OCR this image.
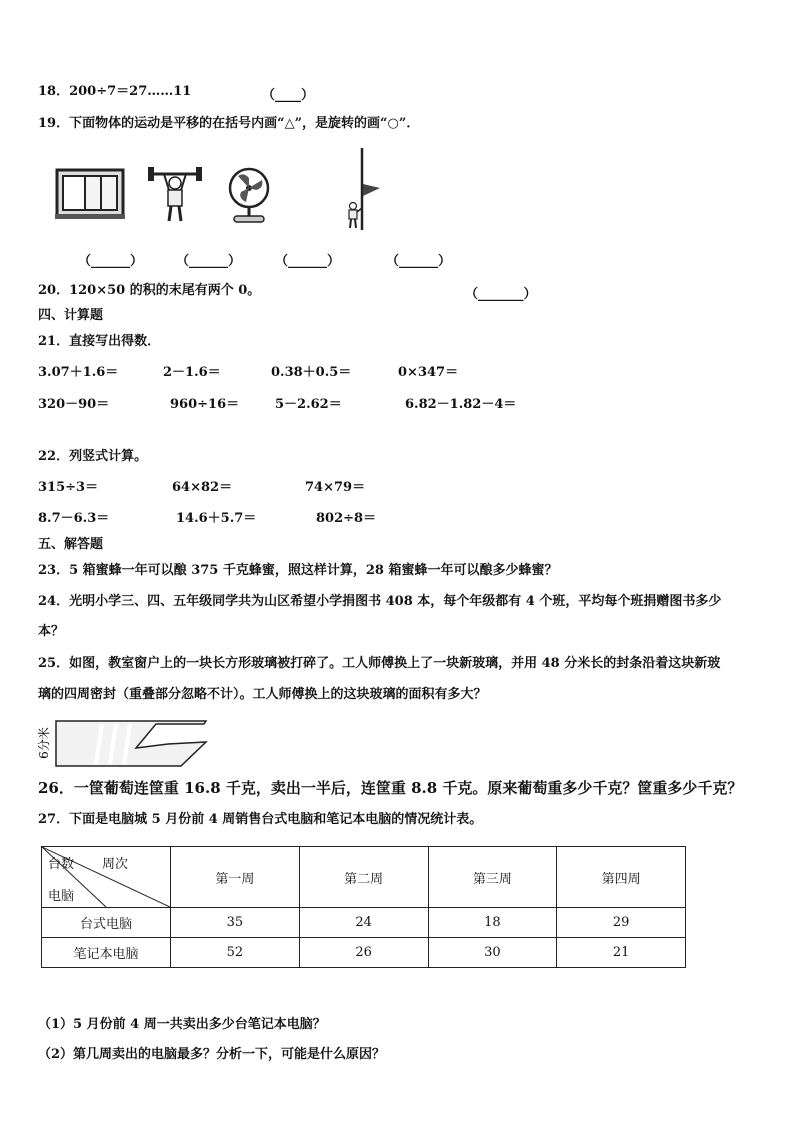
18．200÷7＝27……11	（____）
19．下面物体的运动是平移的在括号内画“△”，是旋转的画“○”．
（______）	（______）	（______）	（______）
20．120×50 的积的末尾有两个 0。	（_______）
四、计算题
21．直接写出得数．
3.07＋1.6＝	2－1.6＝	0.38＋0.5＝	0×347＝
320－90＝	960÷16＝	5－2.62＝	6.82－1.82－4＝
22．列竖式计算。
315÷3＝	64×82＝	74×79＝
8.7－6.3＝	14.6＋5.7＝	802÷8＝
五、解答题
23．5 箱蜜蜂一年可以酿 375 千克蜂蜜，照这样计算，28 箱蜜蜂一年可以酿多少蜂蜜？
24．光明小学三、四、五年级同学共为山区希望小学捐图书 408 本，每个年级都有 4 个班，平均每个班捐赠图书多少
本？
25．如图，教室窗户上的一块长方形玻璃被打碎了。工人师傅换上了一块新玻璃，并用 48 分米长的封条沿着这块新玻
璃的四周密封（重叠部分忽略不计）。工人师傅换上的这块玻璃的面积有多大？
6分米
26．一筐葡萄连筐重 16.8 千克，卖出一半后，连筐重 8.8 千克。原来葡萄重多少千克？筐重多少千克？
27．下面是电脑城 5 月份前 4 周销售台式电脑和笔记本电脑的情况统计表。
台数 周次
电脑	第一周	第二周	第三周	第四周
台式电脑	35	24	18	29
笔记本电脑	52	26	30	21
（1）5 月份前 4 周一共卖出多少台笔记本电脑？
（2）第几周卖出的电脑最多？分析一下，可能是什么原因？
